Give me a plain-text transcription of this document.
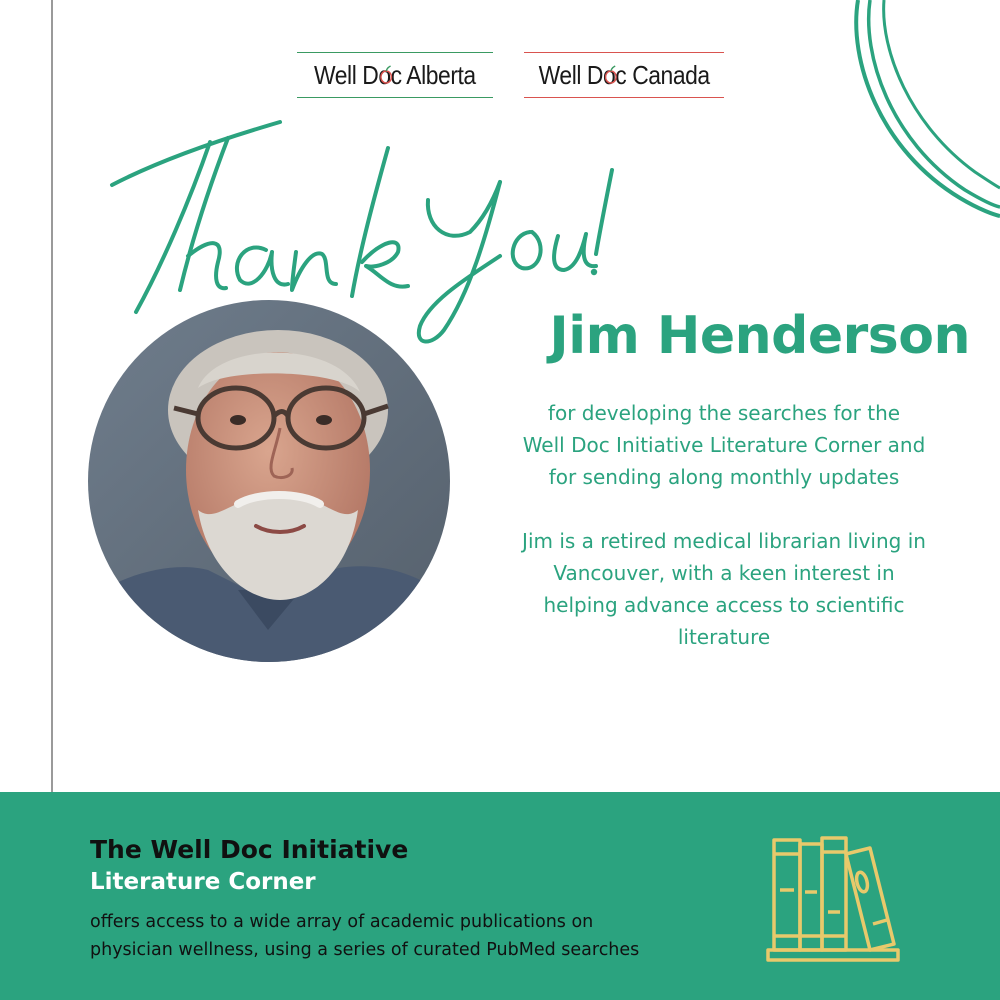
Well Do
c Alberta Well Do
c Canada
Jim Henderson

for developing the searches for the

Well Doc Initiative Literature Corner and

for sending along monthly updates

Jim is a retired medical librarian living in

Vancouver, with a keen interest in

helping advance access to scientific

literature

The Well Doc Initiative
Literature Corner

offers access to a wide array of academic publications on

physician wellness, using a series of curated PubMed searches
